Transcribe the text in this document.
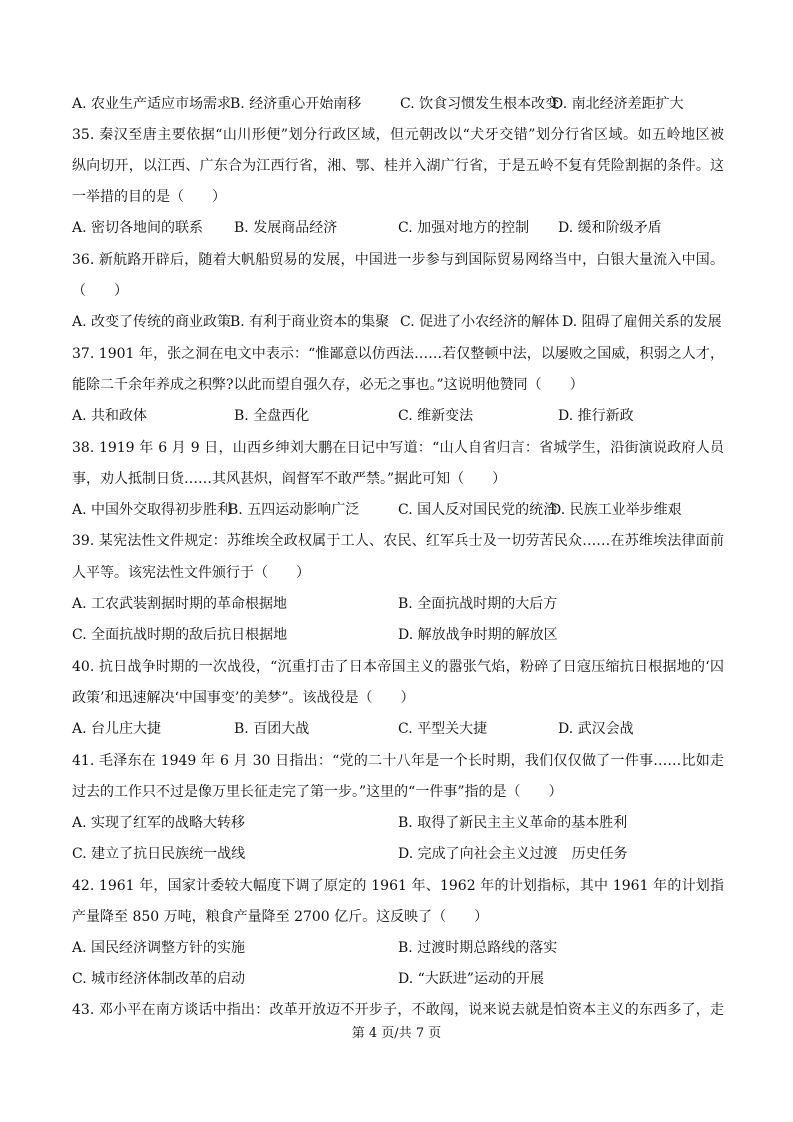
A. 农业生产适应市场需求
B. 经济重心开始南移	C. 饮食习惯发生根本改变
D. 南北经济差距扩大
35. 秦汉至唐主要依据“山川形便”划分行政区域，但元朝改以“犬牙交错”划分行省区域。如五岭地区被
纵向切开，以江西、广东合为江西行省，湘、鄂、桂并入湖广行省，于是五岭不复有凭险割据的条件。这
一举措的目的是（　　）
A. 密切各地间的联系 B. 发展商品经济	C. 加强对地方的控制 D. 缓和阶级矛盾
36. 新航路开辟后，随着大帆船贸易的发展，中国进一步参与到国际贸易网络当中，白银大量流入中国。
（　　）
A. 改变了传统的商业政策
B. 有利于商业资本的集聚 C. 促进了小农经济的解体 D. 阻碍了雇佣关系的发展
37. 1901 年，张之洞在电文中表示：“惟鄙意以仿西法……若仅整顿中法，以屡败之国威，积弱之人才，
能除二千余年养成之积弊?以此而望自强久存，必无之事也。”这说明他赞同（　　）
A. 共和政体	B. 全盘西化	C. 维新变法	D. 推行新政
38. 1919 年 6 月 9 日，山西乡绅刘大鹏在日记中写道：“山人自省归言：省城学生，沿街演说政府人员
事，劝人抵制日货……其风甚炽，阎督军不敢严禁。”据此可知（　　）
A. 中国外交取得初步胜利
B. 五四运动影响广泛	C. 国人反对国民党的统治
D. 民族工业举步维艰
39. 某宪法性文件规定：苏维埃全政权属于工人、农民、红军兵士及一切劳苦民众……在苏维埃法律面前
人平等。该宪法性文件颁行于（　　）
A. 工农武装割据时期的革命根据地	B. 全面抗战时期的大后方
C. 全面抗战时期的敌后抗日根据地	D. 解放战争时期的解放区
40. 抗日战争时期的一次战役，“沉重打击了日本帝国主义的嚣张气焰，粉碎了日寇压缩抗日根据地的‘囚
政策’和迅速解决‘中国事变’的美梦”。该战役是（　　）
A. 台儿庄大捷	B. 百团大战	C. 平型关大捷	D. 武汉会战
41. 毛泽东在 1949 年 6 月 30 日指出：“党的二十八年是一个长时期，我们仅仅做了一件事……比如走
过去的工作只不过是像万里长征走完了第一步。”这里的“一件事”指的是（　　）
A. 实现了红军的战略大转移	B. 取得了新民主主义革命的基本胜利
C. 建立了抗日民族统一战线	D. 完成了向社会主义过渡　历史任务
42. 1961 年，国家计委较大幅度下调了原定的 1961 年、1962 年的计划指标，其中 1961 年的计划指
产量降至 850 万吨，粮食产量降至 2700 亿斤。这反映了（　　）
A. 国民经济调整方针的实施	B. 过渡时期总路线的落实
C. 城市经济体制改革的启动	D. “大跃进”运动的开展
43. 邓小平在南方谈话中指出：改革开放迈不开步子，不敢闯，说来说去就是怕资本主义的东西多了，走
第 4 页/共 7 页
